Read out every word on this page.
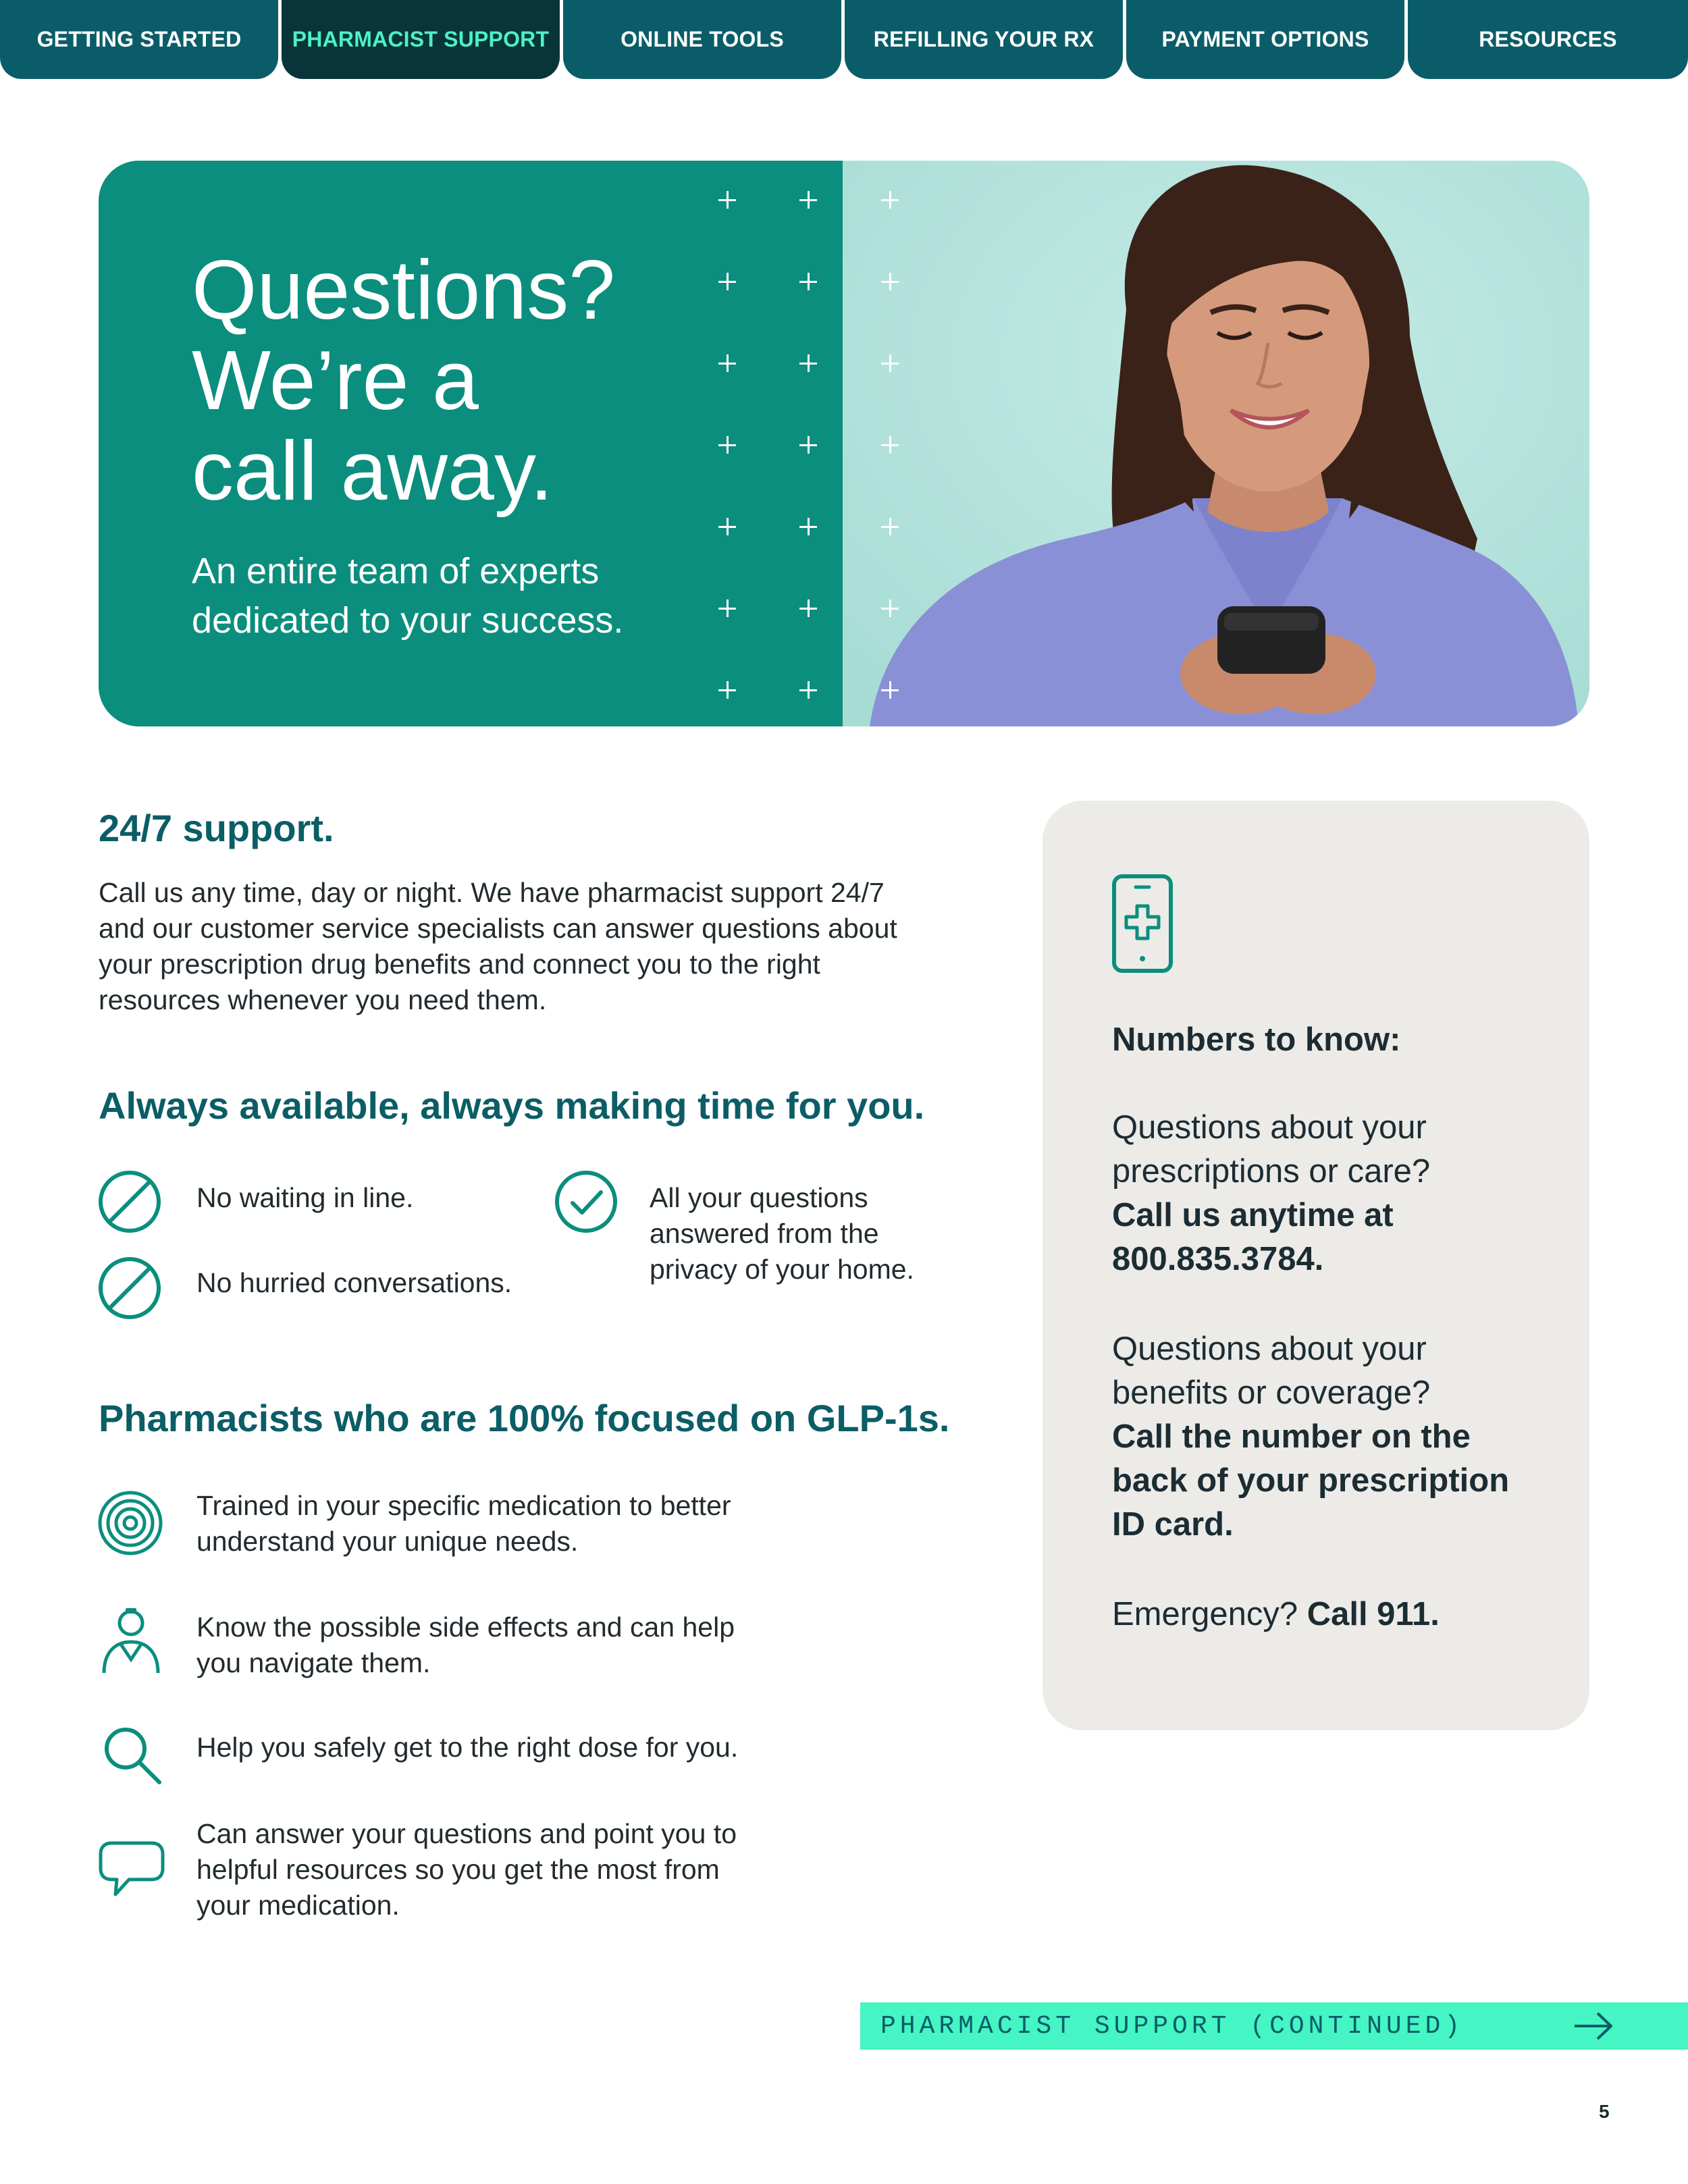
GETTING STARTED	PHARMACIST SUPPORT	ONLINE TOOLS	REFILLING YOUR RX	PAYMENT OPTIONS	RESOURCES
Questions?
We’re a
call away.

An entire team of experts
dedicated to your success.

24/7 support.
Call us any time, day or night. We have pharmacist support 24/7
and our customer service specialists can answer questions about
your prescription drug benefits and connect you to the right
resources whenever you need them.
Always available, always making time for you.
No waiting in line.
No hurried conversations.
All your questions
answered from the
privacy of your home.
Pharmacists who are 100% focused on GLP-1s.
Trained in your specific medication to better
understand your unique needs.
Know the possible side effects and can help
you navigate them.
Help you safely get to the right dose for you.
Can answer your questions and point you to
helpful resources so you get the most from
your medication.
Numbers to know:
Questions about your
prescriptions or care?
Call us anytime at
800.835.3784.
Questions about your
benefits or coverage?
Call the number on the
back of your prescription
ID card.
Emergency? Call 911.
PHARMACIST SUPPORT (CONTINUED)
5
